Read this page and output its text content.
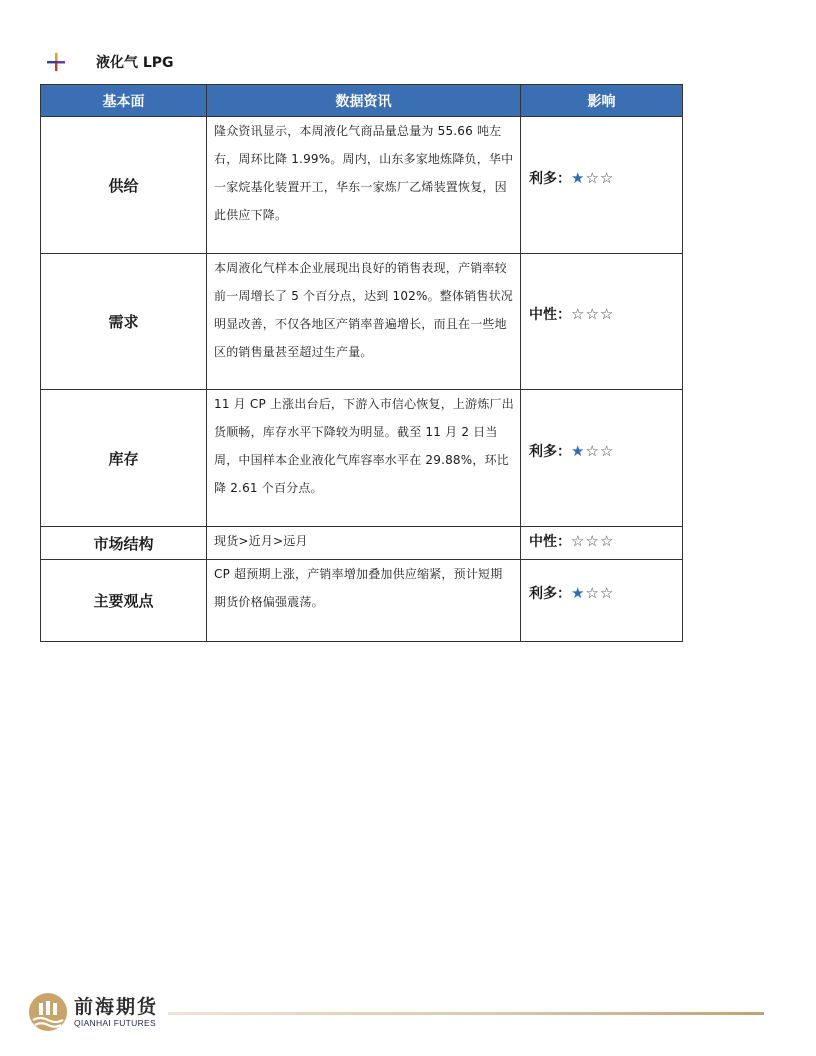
液化气 LPG
基本面	数据资讯	影响
供给	隆众资讯显示，本周液化气商品量总量为 55.66 吨左右，周环比降 1.99%。周内，山东多家地炼降负，华中一家烷基化装置开工，华东一家炼厂乙烯装置恢复，因此供应下降。	利多： ★ ☆ ☆

需求	本周液化气样本企业展现出良好的销售表现，产销率较前一周增长了 5 个百分点，达到 102%。整体销售状况明显改善，不仅各地区产销率普遍增长，而且在一些地区的销售量甚至超过生产量。	中性： ☆ ☆ ☆

库存	11 月 CP 上涨出台后，下游入市信心恢复，上游炼厂出货顺畅，库存水平下降较为明显。截至 11 月 2 日当周，中国样本企业液化气库容率水平在 29.88%，环比降 2.61 个百分点。	利多： ★ ☆ ☆

市场结构	现货>近月>远月	中性： ☆ ☆ ☆

主要观点	CP 超预期上涨，产销率增加叠加供应缩紧，预计短期期货价格偏强震荡。	利多： ★ ☆ ☆
前海期货
QIANHAI FUTURES
